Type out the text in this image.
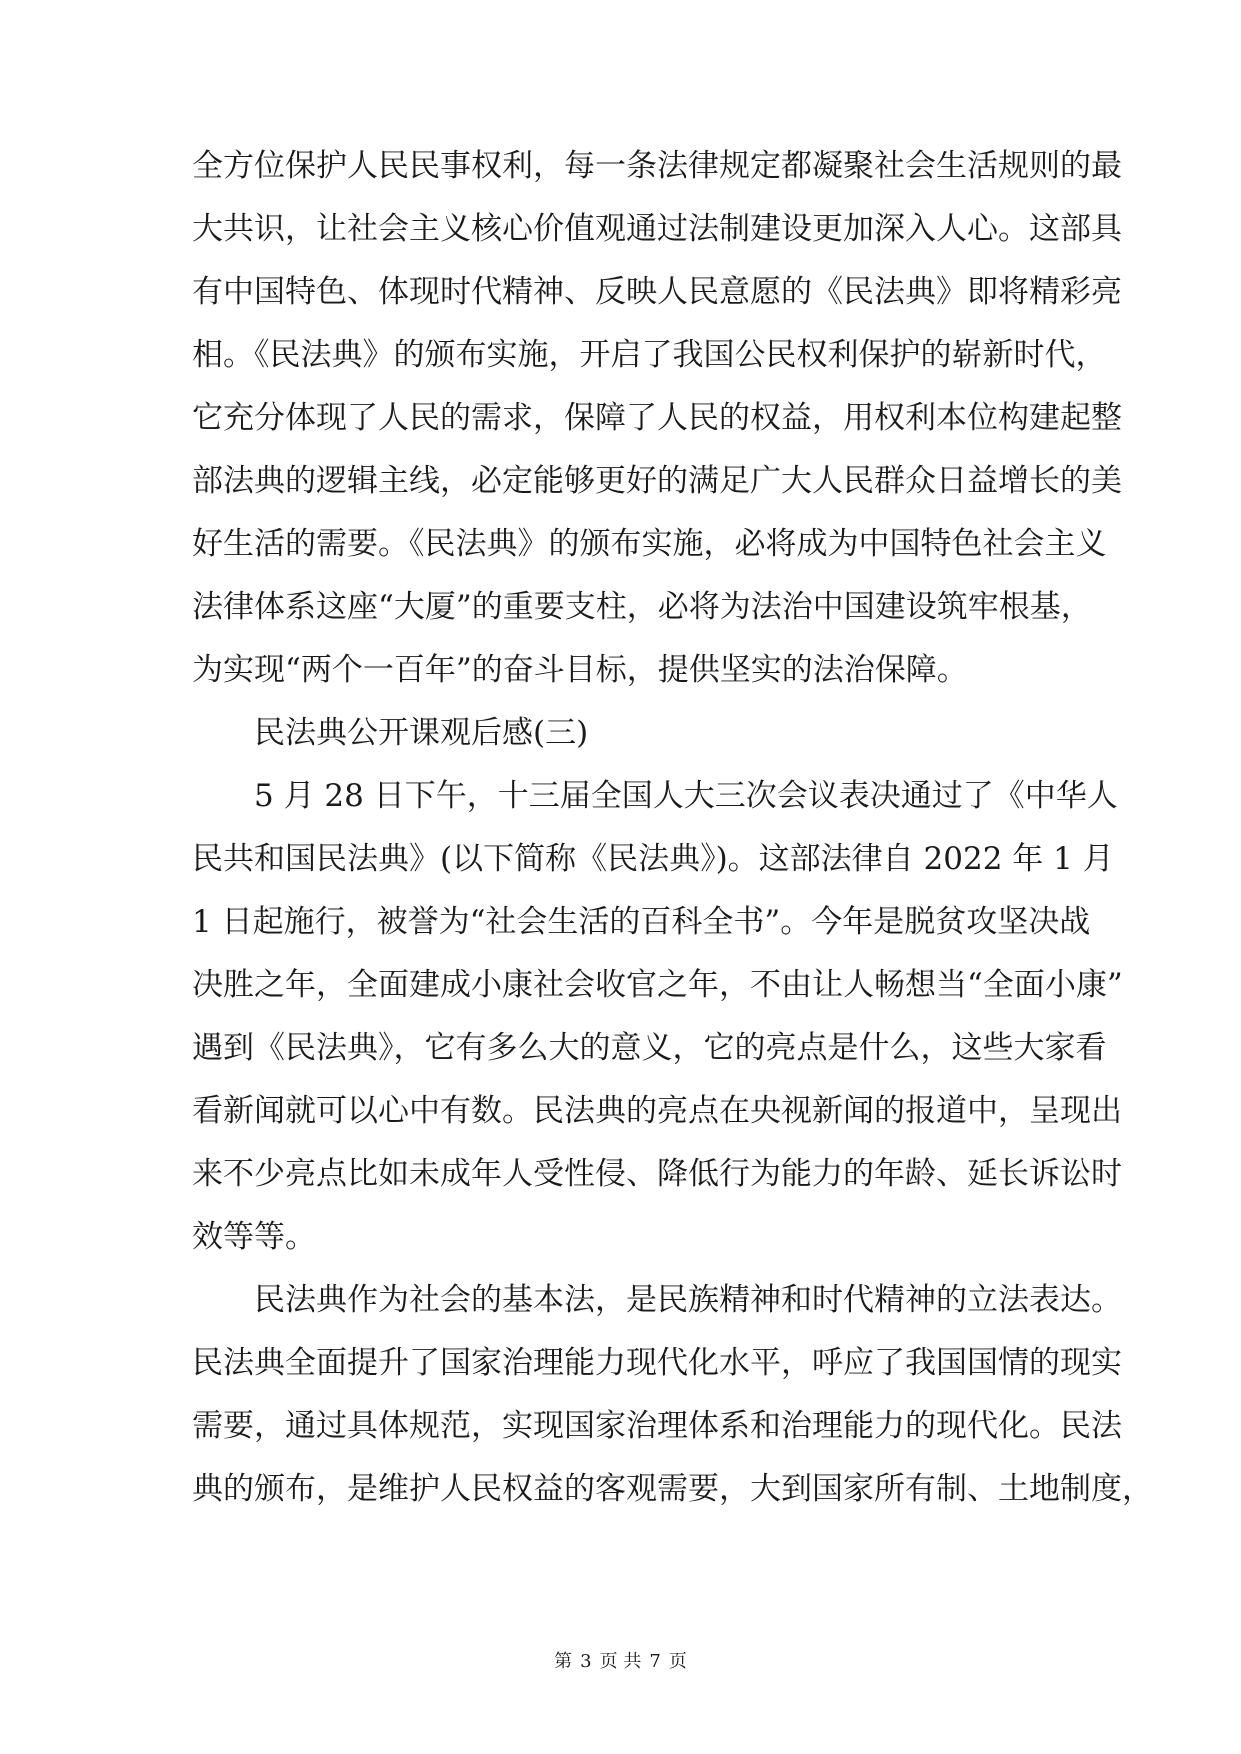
全方位保护人民民事权利，每一条法律规定都凝聚社会生活规则的最
大共识，让社会主义核心价值观通过法制建设更加深入人心。这部具
有中国特色、体现时代精神、反映人民意愿的《民法典》即将精彩亮
相。《民法典》的颁布实施，开启了我国公民权利保护的崭新时代，
它充分体现了人民的需求，保障了人民的权益，用权利本位构建起整
部法典的逻辑主线，必定能够更好的满足广大人民群众日益增长的美
好生活的需要。《民法典》的颁布实施，必将成为中国特色社会主义
法律体系这座“大厦”的重要支柱，必将为法治中国建设筑牢根基，
为实现“两个一百年”的奋斗目标，提供坚实的法治保障。
民法典公开课观后感(三)
5 月 28 日下午，十三届全国人大三次会议表决通过了《中华人
民共和国民法典》(以下简称《民法典》)。这部法律自 2022 年 1 月
1 日起施行，被誉为“社会生活的百科全书”。今年是脱贫攻坚决战
决胜之年，全面建成小康社会收官之年，不由让人畅想当“全面小康”
遇到《民法典》，它有多么大的意义，它的亮点是什么，这些大家看
看新闻就可以心中有数。民法典的亮点在央视新闻的报道中，呈现出
来不少亮点比如未成年人受性侵、降低行为能力的年龄、延长诉讼时
效等等。
民法典作为社会的基本法，是民族精神和时代精神的立法表达。
民法典全面提升了国家治理能力现代化水平，呼应了我国国情的现实
需要，通过具体规范，实现国家治理体系和治理能力的现代化。民法
典的颁布，是维护人民权益的客观需要，大到国家所有制、土地制度，
第 3 页 共 7 页
